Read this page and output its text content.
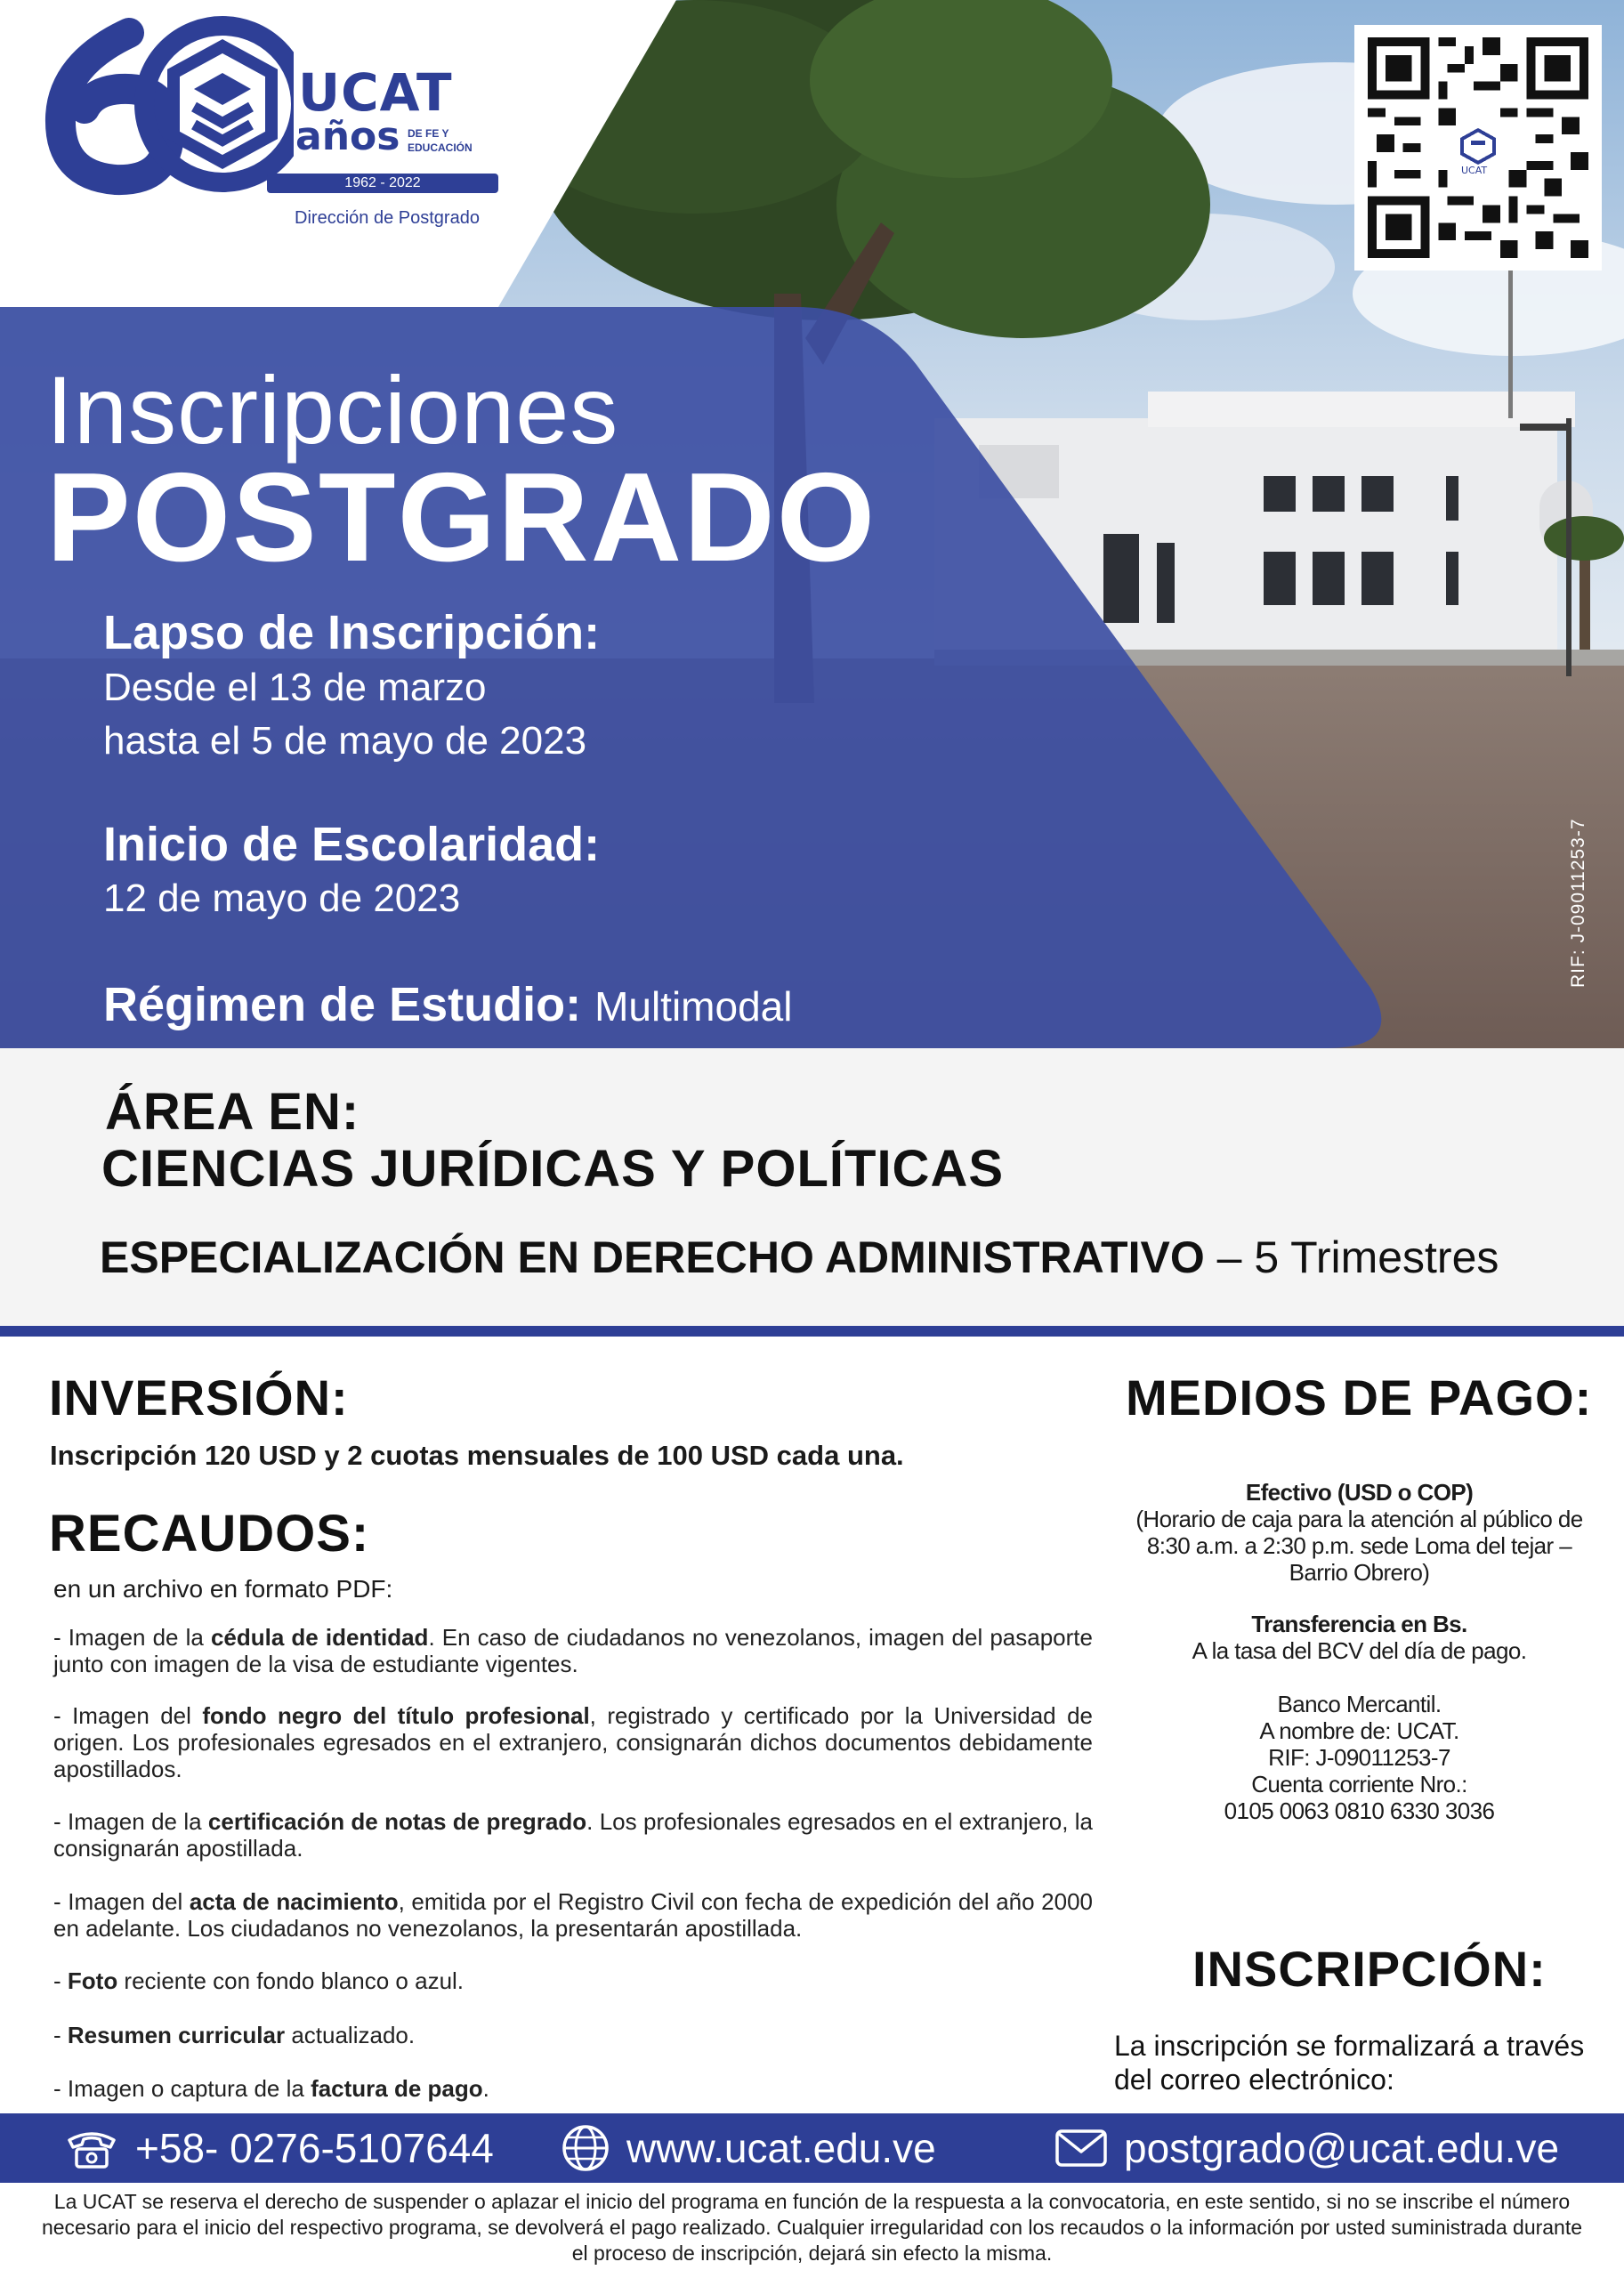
UCAT
años DE FE Y EDUCACIÓN
1962 - 2022
Dirección de Postgrado
UCAT
RIF: J-09011253-7
Inscripciones
POSTGRADO
Lapso de Inscripción:
Desde el 13 de marzo
hasta el 5 de mayo de 2023
Inicio de Escolaridad:
12 de mayo de 2023
Régimen de Estudio: Multimodal
ÁREA EN:
CIENCIAS JURÍDICAS Y POLÍTICAS
ESPECIALIZACIÓN EN DERECHO ADMINISTRATIVO – 5 Trimestres
INVERSIÓN:
Inscripción 120 USD y 2 cuotas mensuales de 100 USD cada una.
RECAUDOS:
en un archivo en formato PDF:
- Imagen de la cédula de identidad. En caso de ciudadanos no venezolanos, imagen del pasaporte junto con imagen de la visa de estudiante vigentes.
- Imagen del fondo negro del título profesional, registrado y certificado por la Universidad de origen. Los profesionales egresados en el extranjero, consignarán dichos documentos debidamente apostillados.
- Imagen de la certificación de notas de pregrado. Los profesionales egresados en el extranjero, la consignarán apostillada.
- Imagen del acta de nacimiento, emitida por el Registro Civil con fecha de expedición del año 2000 en adelante. Los ciudadanos no venezolanos, la presentarán apostillada.
- Foto reciente con fondo blanco o azul.
- Resumen curricular actualizado.
- Imagen o captura de la factura de pago.
MEDIOS DE PAGO:
Efectivo (USD o COP)
(Horario de caja para la atención al público de 8:30 a.m. a 2:30 p.m. sede Loma del tejar – Barrio Obrero)
Transferencia en Bs.
A la tasa del BCV del día de pago.
Banco Mercantil.
A nombre de: UCAT.
RIF: J-09011253-7
Cuenta corriente Nro.:
0105 0063 0810 6330 3036
INSCRIPCIÓN:
La inscripción se formalizará a través del correo electrónico:
+58- 0276-5107644	www.ucat.edu.ve	postgrado@ucat.edu.ve
La UCAT se reserva el derecho de suspender o aplazar el inicio del programa en función de la respuesta a la convocatoria, en este sentido, si no se inscribe el número necesario para el inicio del respectivo programa, se devolverá el pago realizado. Cualquier irregularidad con los recaudos o la información por usted suministrada durante el proceso de inscripción, dejará sin efecto la misma.
